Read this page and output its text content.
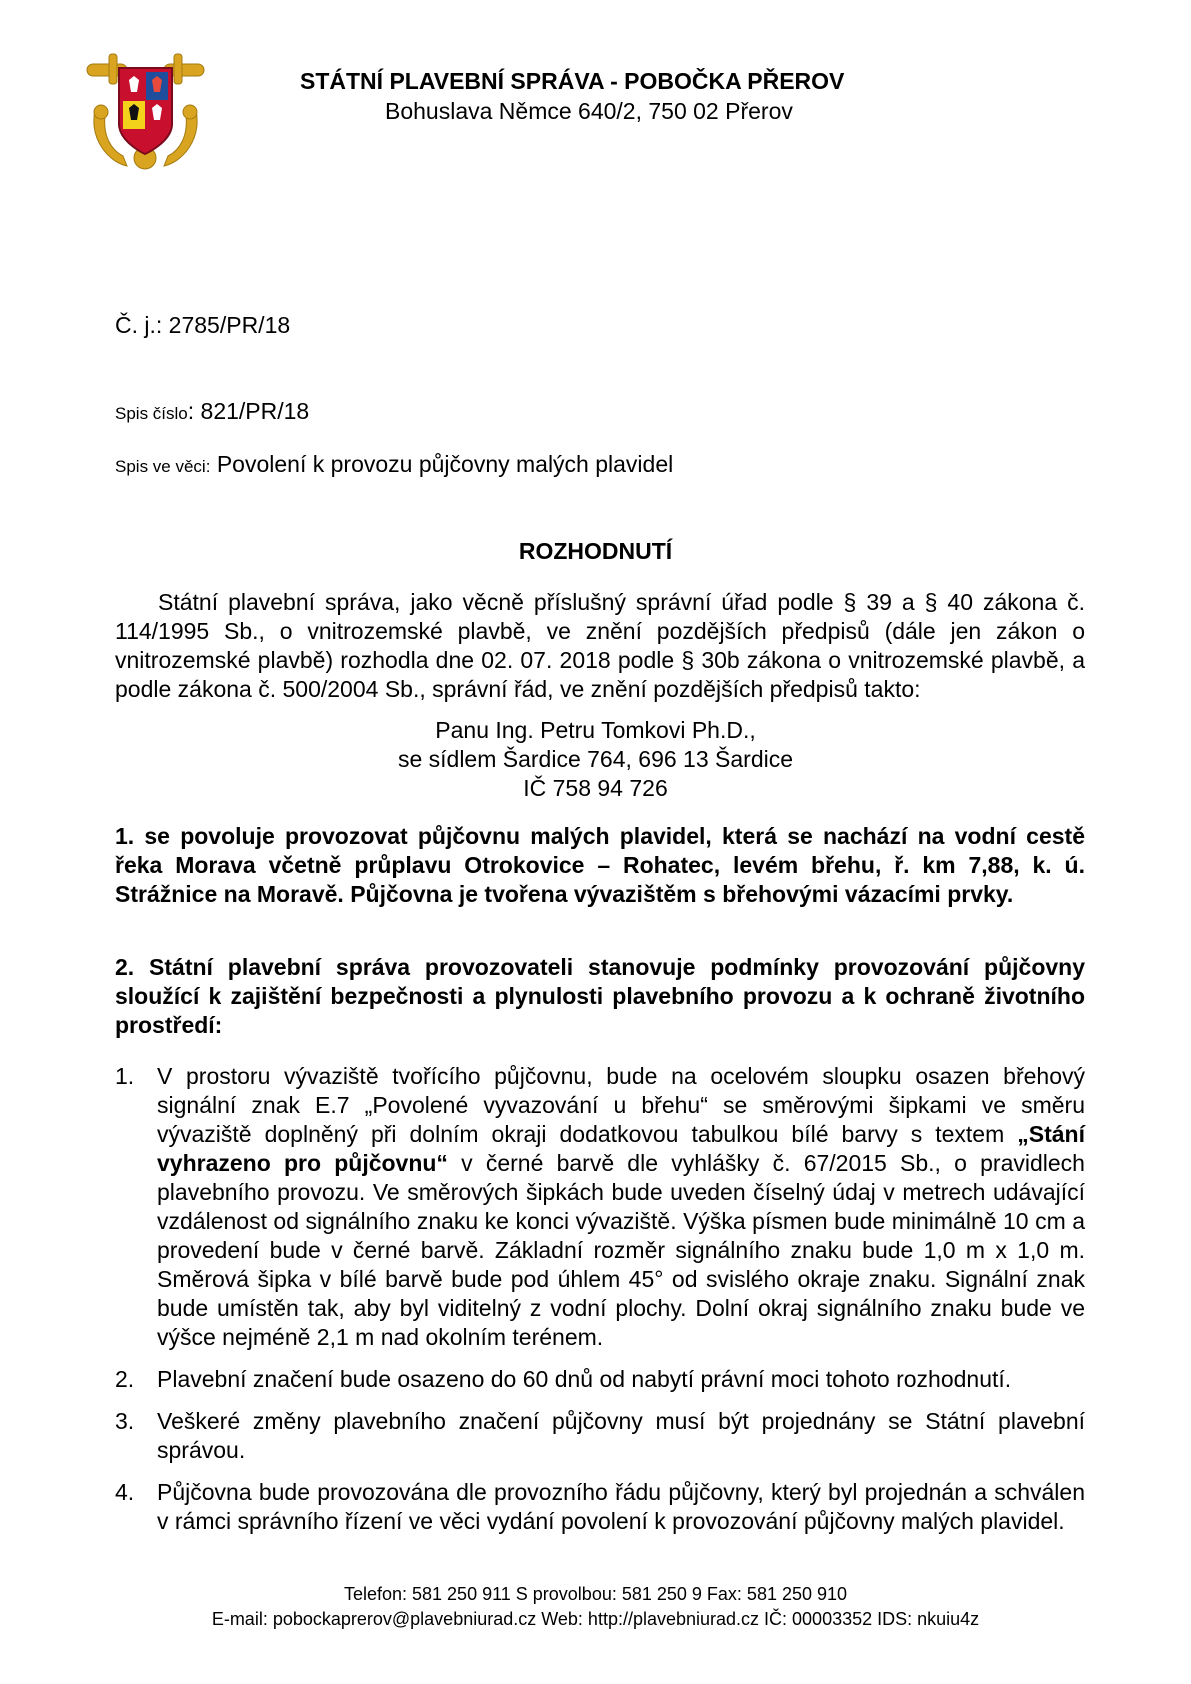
STÁTNÍ PLAVEBNÍ SPRÁVA - POBOČKA PŘEROV
Bohuslava Němce 640/2, 750 02 Přerov
Č. j.: 2785/PR/18
Spis číslo: 821/PR/18
Spis ve věci: Povolení k provozu půjčovny malých plavidel
ROZHODNUTÍ
Státní plavební správa, jako věcně příslušný správní úřad podle § 39 a § 40 zákona č. 114/1995 Sb., o vnitrozemské plavbě, ve znění pozdějších předpisů (dále jen zákon o vnitrozemské plavbě) rozhodla dne 02. 07. 2018 podle § 30b zákona o vnitrozemské plavbě, a podle zákona č. 500/2004 Sb., správní řád, ve znění pozdějších předpisů takto:
Panu Ing. Petru Tomkovi Ph.D.,
se sídlem Šardice 764, 696 13 Šardice
IČ 758 94 726
1. se povoluje provozovat půjčovnu malých plavidel, která se nachází na vodní cestě řeka Morava včetně průplavu Otrokovice – Rohatec, levém břehu, ř. km 7,88, k. ú. Strážnice na Moravě. Půjčovna je tvořena vývazištěm s břehovými vázacími prvky.
2. Státní plavební správa provozovateli stanovuje podmínky provozování půjčovny sloužící k zajištění bezpečnosti a plynulosti plavebního provozu a k ochraně životního prostředí:
1. V prostoru vývaziště tvořícího půjčovnu, bude na ocelovém sloupku osazen břehový signální znak E.7 „Povolené vyvazování u břehu“ se směrovými šipkami ve směru vývaziště doplněný při dolním okraji dodatkovou tabulkou bílé barvy s textem „Stání vyhrazeno pro půjčovnu“ v černé barvě dle vyhlášky č. 67/2015 Sb., o pravidlech plavebního provozu. Ve směrových šipkách bude uveden číselný údaj v metrech udávající vzdálenost od signálního znaku ke konci vývaziště. Výška písmen bude minimálně 10 cm a provedení bude v černé barvě. Základní rozměr signálního znaku bude 1,0 m x 1,0 m. Směrová šipka v bílé barvě bude pod úhlem 45° od svislého okraje znaku. Signální znak bude umístěn tak, aby byl viditelný z vodní plochy. Dolní okraj signálního znaku bude ve výšce nejméně 2,1 m nad okolním terénem.
2. Plavební značení bude osazeno do 60 dnů od nabytí právní moci tohoto rozhodnutí.
3. Veškeré změny plavebního značení půjčovny musí být projednány se Státní plavební správou.
4. Půjčovna bude provozována dle provozního řádu půjčovny, který byl projednán a schválen v rámci správního řízení ve věci vydání povolení k provozování půjčovny malých plavidel.
Telefon: 581 250 911 S provolbou: 581 250 9 Fax: 581 250 910
E-mail: pobockaprerov@plavebniurad.cz Web: http://plavebniurad.cz IČ: 00003352 IDS: nkuiu4z
